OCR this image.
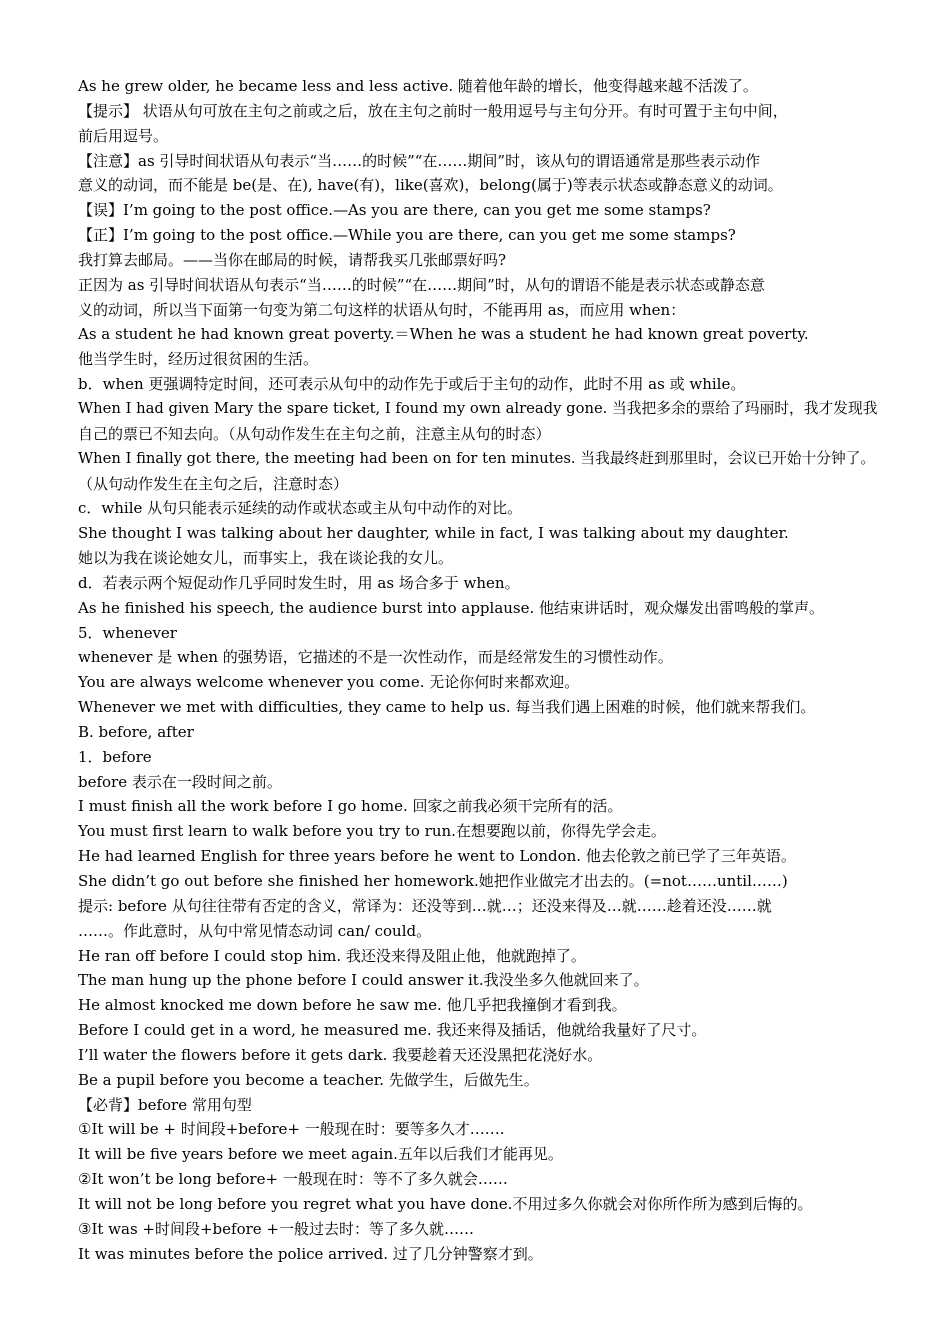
As he grew older, he became less and less active. 随着他年龄的增长，他变得越来越不活泼了。
【提示】 状语从句可放在主句之前或之后，放在主句之前时一般用逗号与主句分开。有时可置于主句中间，
前后用逗号。
【注意】as 引导时间状语从句表示“当……的时候”“在……期间”时，该从句的谓语通常是那些表示动作
意义的动词，而不能是 be(是、在), have(有)，like(喜欢)，belong(属于)等表示状态或静态意义的动词。
【误】I’m going to the post office.—As you are there, can you get me some stamps?
【正】I’m going to the post office.—While you are there, can you get me some stamps?
我打算去邮局。——当你在邮局的时候，请帮我买几张邮票好吗?
正因为 as 引导时间状语从句表示“当……的时候”“在……期间”时，从句的谓语不能是表示状态或静态意
义的动词，所以当下面第一句变为第二句这样的状语从句时，不能再用 as，而应用 when：
As a student he had known great poverty.＝When he was a student he had known great poverty.
他当学生时，经历过很贫困的生活。
b．when 更强调特定时间，还可表示从句中的动作先于或后于主句的动作，此时不用 as 或 while。
When I had given Mary the spare ticket, I found my own already gone. 当我把多余的票给了玛丽时，我才发现我
自己的票已不知去向。（从句动作发生在主句之前，注意主从句的时态）
When I finally got there, the meeting had been on for ten minutes. 当我最终赶到那里时，会议已开始十分钟了。
（从句动作发生在主句之后，注意时态）
c．while 从句只能表示延续的动作或状态或主从句中动作的对比。
She thought I was talking about her daughter, while in fact, I was talking about my daughter.
她以为我在谈论她女儿，而事实上，我在谈论我的女儿。
d．若表示两个短促动作几乎同时发生时，用 as 场合多于 when。
As he finished his speech, the audience burst into applause. 他结束讲话时，观众爆发出雷鸣般的掌声。
5．whenever
whenever 是 when 的强势语，它描述的不是一次性动作，而是经常发生的习惯性动作。
You are always welcome whenever you come. 无论你何时来都欢迎。
Whenever we met with difficulties, they came to help us. 每当我们遇上困难的时候，他们就来帮我们。
B. before, after
1．before
before 表示在一段时间之前。
I must finish all the work before I go home. 回家之前我必须干完所有的活。
You must first learn to walk before you try to run.在想要跑以前，你得先学会走。
He had learned English for three years before he went to London. 他去伦敦之前已学了三年英语。
She didn’t go out before she finished her homework.她把作业做完才出去的。(=not……until……)
提示: before 从句往往带有否定的含义，常译为：还没等到…就…；还没来得及…就……趁着还没……就
……。作此意时，从句中常见情态动词 can/ could。
He ran off before I could stop him. 我还没来得及阻止他，他就跑掉了。
The man hung up the phone before I could answer it.我没坐多久他就回来了。
He almost knocked me down before he saw me. 他几乎把我撞倒才看到我。
Before I could get in a word, he measured me. 我还来得及插话，他就给我量好了尺寸。
I’ll water the flowers before it gets dark. 我要趁着天还没黑把花浇好水。
Be a pupil before you become a teacher. 先做学生，后做先生。
【必背】before 常用句型
①It will be + 时间段+before+ 一般现在时：要等多久才…….
It will be five years before we meet again.五年以后我们才能再见。
②It won’t be long before+ 一般现在时：等不了多久就会……
It will not be long before you regret what you have done.不用过多久你就会对你所作所为感到后悔的。
③It was +时间段+before +一般过去时：等了多久就……
It was minutes before the police arrived. 过了几分钟警察才到。
